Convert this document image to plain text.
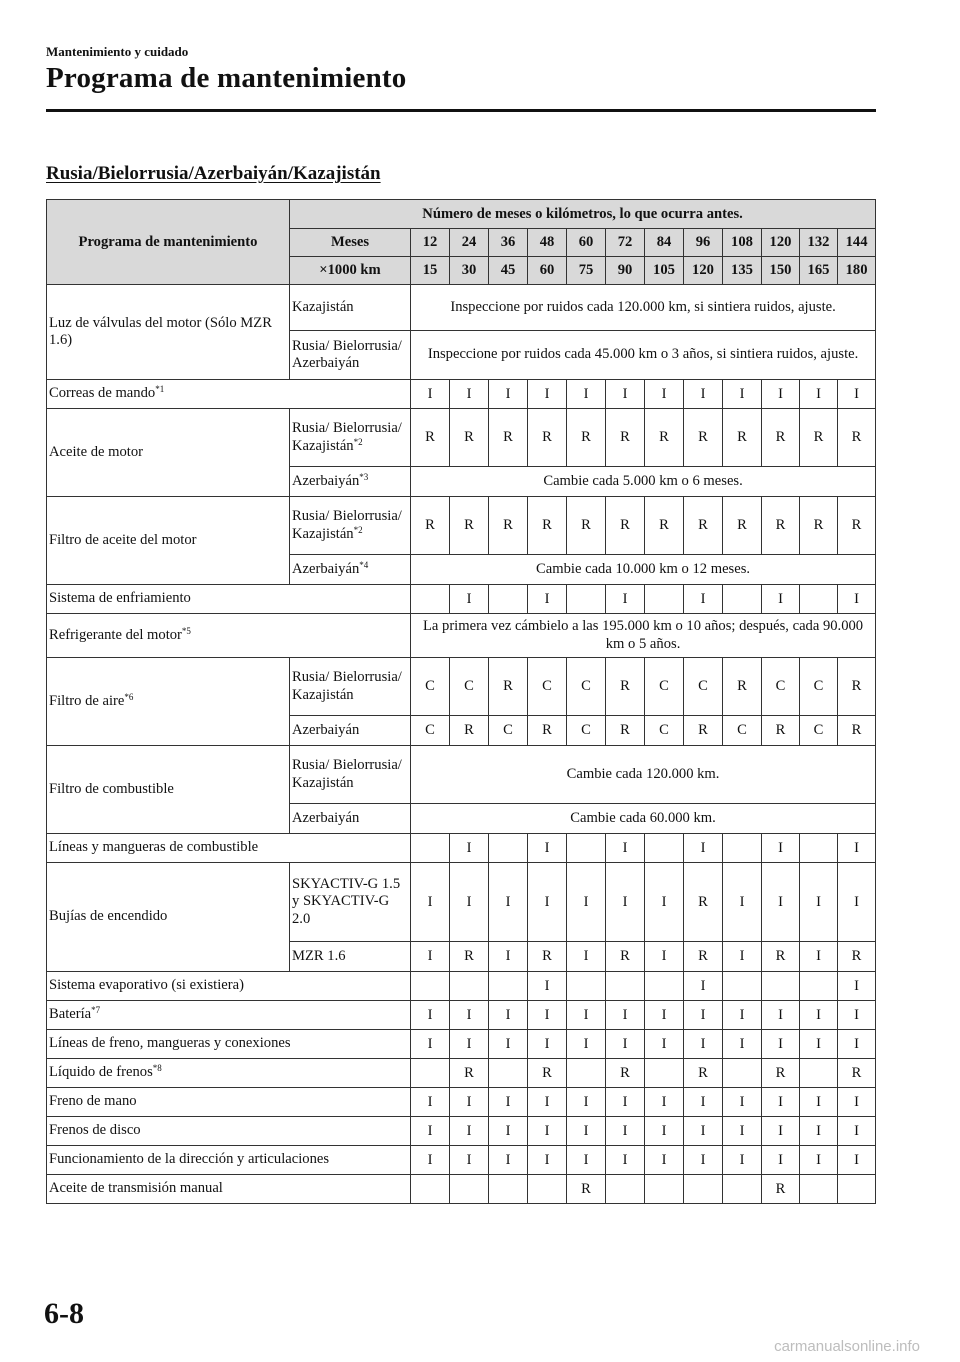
Mantenimiento y cuidado
Programa de mantenimiento
Rusia/Bielorrusia/Azerbaiyán/Kazajistán
Programa de mantenimiento	Número de meses o kilómetros, lo que ocurra antes.												
	Meses	12	24	36	48	60	72	84	96	108	120	132	144
	×1000 km	15	30	45	60	75	90	105	120	135	150	165	180
Luz de válvulas del motor (Sólo MZR 1.6)	Kazajistán	Inspeccione por ruidos cada 120.000 km, si sintiera ruidos, ajuste.											
	Rusia/ Bielorrusia/ Azerbaiyán	Inspeccione por ruidos cada 45.000 km o 3 años, si sintiera ruidos, ajuste.											
Correas de mando$^{*1}$		I	I	I	I	I	I	I	I	I	I	I	I
Aceite de motor	Rusia/ Bielorrusia/ Kazajistán$^{*2}$	R	R	R	R	R	R	R	R	R	R	R	R
	Azerbaiyán$^{*3}$	Cambie cada 5.000 km o 6 meses.											
Filtro de aceite del motor	Rusia/ Bielorrusia/ Kazajistán$^{*2}$	R	R	R	R	R	R	R	R	R	R	R	R
	Azerbaiyán$^{*4}$	Cambie cada 10.000 km o 12 meses.											
Sistema de enfriamiento			I		I		I		I		I		I
Refrigerante del motor$^{*5}$		La primera vez cámbielo a las 195.000 km o 10 años; después, cada 90.000 km o 5 años.											
Filtro de aire$^{*6}$	Rusia/ Bielorrusia/ Kazajistán	C	C	R	C	C	R	C	C	R	C	C	R
	Azerbaiyán	C	R	C	R	C	R	C	R	C	R	C	R
Filtro de combustible	Rusia/ Bielorrusia/ Kazajistán	Cambie cada 120.000 km.											
	Azerbaiyán	Cambie cada 60.000 km.											
Líneas y mangueras de combustible			I		I		I		I		I		I
Bujías de encendido	SKYACTIV-G 1.5 y SKYACTIV-G 2.0	I	I	I	I	I	I	I	R	I	I	I	I
	MZR 1.6	I	R	I	R	I	R	I	R	I	R	I	R
Sistema evaporativo (si existiera)					I				I				I
Batería$^{*7}$		I	I	I	I	I	I	I	I	I	I	I	I
Líneas de freno, mangueras y conexiones		I	I	I	I	I	I	I	I	I	I	I	I
Líquido de frenos$^{*8}$			R		R		R		R		R		R
Freno de mano		I	I	I	I	I	I	I	I	I	I	I	I
Frenos de disco		I	I	I	I	I	I	I	I	I	I	I	I
Funcionamiento de la dirección y articulaciones		I	I	I	I	I	I	I	I	I	I	I	I
Aceite de transmisión manual						R					R		
6-8
carmanualsonline.info
